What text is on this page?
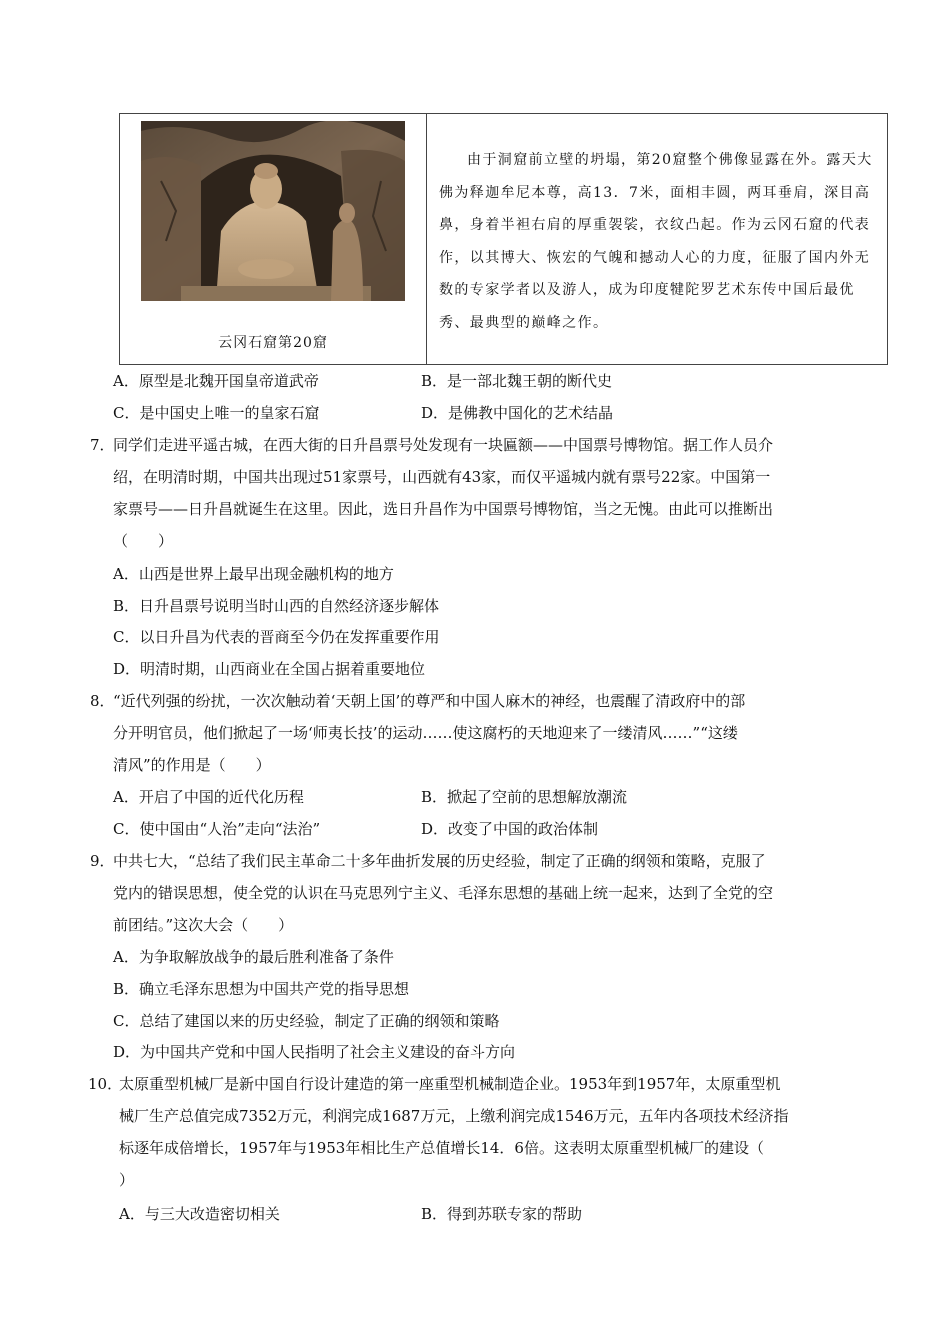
云冈石窟第20窟

由于洞窟前立壁的坍塌，第20窟整个佛像显露在外。露天大佛为释迦牟尼本尊，高13．7米，面相丰圆，两耳垂肩，深目高鼻，身着半袒右肩的厚重袈裟，衣纹凸起。作为云冈石窟的代表作，以其博大、恢宏的气魄和撼动人心的力度，征服了国内外无数的专家学者以及游人，成为印度犍陀罗艺术东传中国后最优秀、最典型的巅峰之作。

A．原型是北魏开国皇帝道武帝	B．是一部北魏王朝的断代史
C．是中国史上唯一的皇家石窟	D．是佛教中国化的艺术结晶
7．
同学们走进平遥古城，在西大街的日升昌票号处发现有一块匾额——中国票号博物馆。据工作人员介
绍，在明清时期，中国共出现过51家票号，山西就有43家，而仅平遥城内就有票号22家。中国第一
家票号——日升昌就诞生在这里。因此，选日升昌作为中国票号博物馆，当之无愧。由此可以推断出
（　　）
A．山西是世界上最早出现金融机构的地方
B．日升昌票号说明当时山西的自然经济逐步解体
C．以日升昌为代表的晋商至今仍在发挥重要作用
D．明清时期，山西商业在全国占据着重要地位
8．
“近代列强的纷扰，一次次触动着‘天朝上国’的尊严和中国人麻木的神经，也震醒了清政府中的部
分开明官员，他们掀起了一场‘师夷长技’的运动……使这腐朽的天地迎来了一缕清风……”“这缕
清风”的作用是（　　）
A．开启了中国的近代化历程	B．掀起了空前的思想解放潮流
C．使中国由“人治”走向“法治”	D．改变了中国的政治体制
9．
中共七大，“总结了我们民主革命二十多年曲折发展的历史经验，制定了正确的纲领和策略，克服了
党内的错误思想，使全党的认识在马克思列宁主义、毛泽东思想的基础上统一起来，达到了全党的空
前团结。”这次大会（　　）
A．为争取解放战争的最后胜利准备了条件
B．确立毛泽东思想为中国共产党的指导思想
C．总结了建国以来的历史经验，制定了正确的纲领和策略
D．为中国共产党和中国人民指明了社会主义建设的奋斗方向
10．
太原重型机械厂是新中国自行设计建造的第一座重型机械制造企业。1953年到1957年，太原重型机
械厂生产总值完成7352万元，利润完成1687万元，上缴利润完成1546万元，五年内各项技术经济指
标逐年成倍增长，1957年与1953年相比生产总值增长14．6倍。这表明太原重型机械厂的建设（
）
A．与三大改造密切相关	B．得到苏联专家的帮助
